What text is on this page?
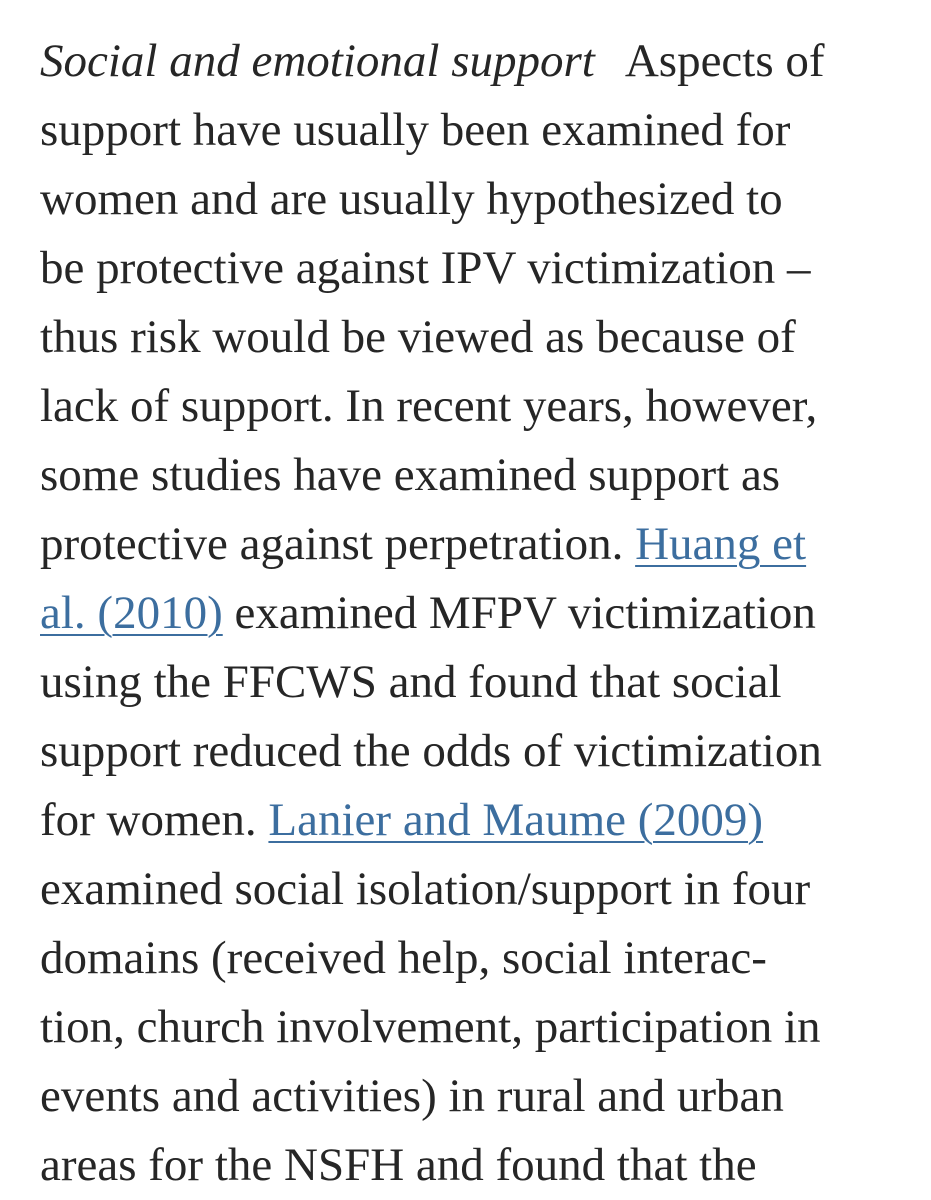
Social and emotional support Aspects of
support have usually been examined for
women and are usually hypothesized to
be protective against IPV victimization –
thus risk would be viewed as because of
lack of support. In recent years, however,
some studies have examined support as
protective against perpetration. Huang et
al. (2010) examined MFPV victimization
using the FFCWS and found that social
support reduced the odds of victimization
for women. Lanier and Maume (2009)
examined social isolation/support in four
domains (received help, social interac-
tion, church involvement, participation in
events and activities) in rural and urban
areas for the NSFH and found that the
